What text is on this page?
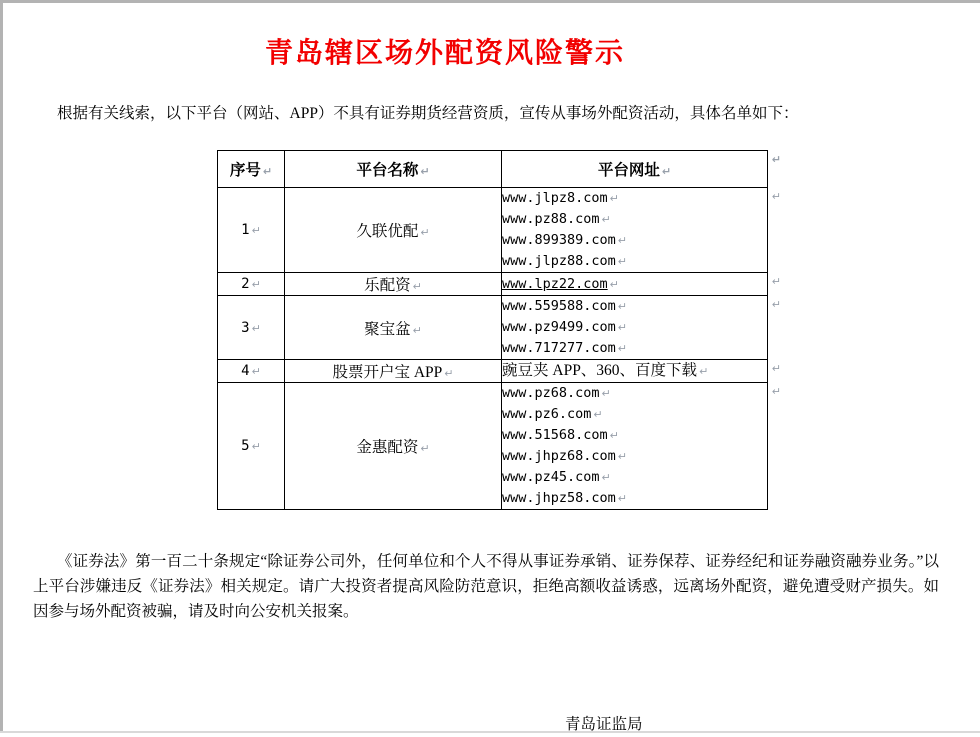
青岛辖区场外配资风险警示

根据有关线索，以下平台（网站、APP）不具有证券期货经营资质，宣传从事场外配资活动，具体名单如下：

序号 ↵	平台名称 ↵	平台网址 ↵
↵

1 ↵	久联优配 ↵	www.jlpz8.com ↵
www.pz88.com ↵
www.899389.com ↵
www.jlpz88.com ↵
↵

2 ↵	乐配资 ↵	www.lpz22.com ↵ ↵

3 ↵	聚宝盆 ↵	www.559588.com ↵
www.pz9499.com ↵
www.717277.com ↵
↵

4 ↵	股票开户宝 APP ↵	豌豆夹 APP、360、百度下载 ↵ ↵

5 ↵	金惠配资 ↵	
www.pz68.com ↵
www.pz6.com ↵
www.51568.com ↵
www.jhpz68.com ↵
www.pz45.com ↵
www.jhpz58.com ↵
↵

《证券法》第一百二十条规定“除证券公司外，任何单位和个人不得从事证券承销、证券保荐、证券经纪和证券融资融券业务。”以上平台涉嫌违反《证券法》相关规定。请广大投资者提高风险防范意识，拒绝高额收益诱惑，远离场外配资，避免遭受财产损失。如因参与场外配资被骗，请及时向公安机关报案。

青岛证监局
